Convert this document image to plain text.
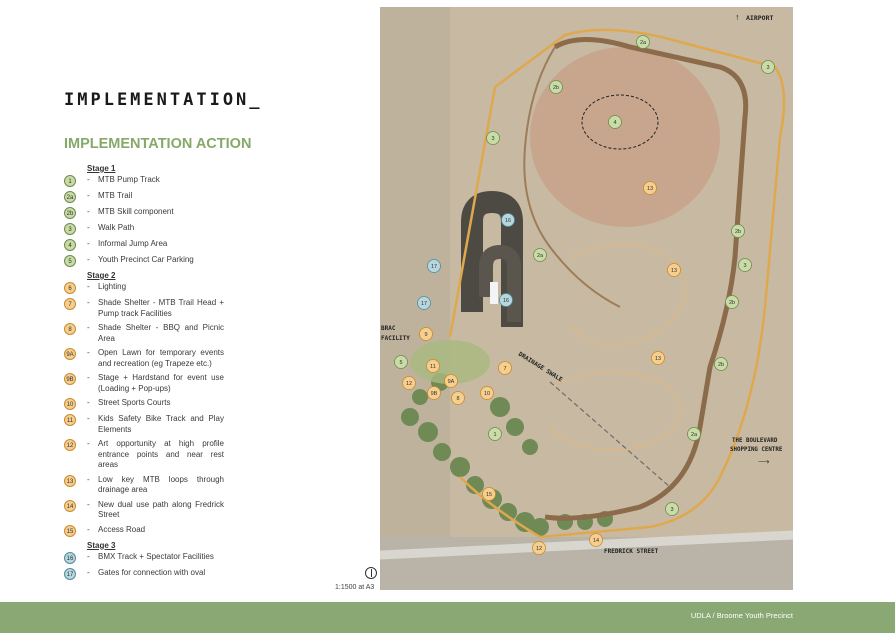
IMPLEMENTATION_
IMPLEMENTATION ACTION
Stage 1
1	-	MTB Pump Track
2a	-	MTB Trail
2b	-	MTB Skill component
3	-	Walk Path
4	-	Informal Jump Area
5	-	Youth Precinct Car Parking
Stage 2
6	-	Lighting
7	-	Shade Shelter - MTB Trail Head + Pump track Facilities
8	-	Shade Shelter - BBQ and Picnic Area
9A -	Open Lawn for temporary events and recreation (eg Trapeze etc.)
9B -	Stage + Hardstand for event use (Loading + Pop-ups)
10	-	Street Sports Courts
11	-	Kids Safety Bike Track and Play Elements
12	-	Art opportunity at high profile entrance points and near rest areas
13	-	Low key MTB loops through drainage area
14	-	New dual use path along Fredrick Street
15	-	Access Road
Stage 3
16	-	BMX Track + Spectator Facilities
17	-	Gates for connection with oval
AIRPORT
↑
BRAC
FACILITY
DRAINAGE SWALE
THE BOULEVARD
SHOPPING CENTRE
⟶
FREDRICK STREET
2a
3
2b
3
4
13
16
2b
17
2a
13
3
16
17	2b
9
13
2b
5
11	7
12	9A
9B
8
10
1	2a
15
3
14
12
1:1500 at A3
UDLA / Broome Youth Precinct
